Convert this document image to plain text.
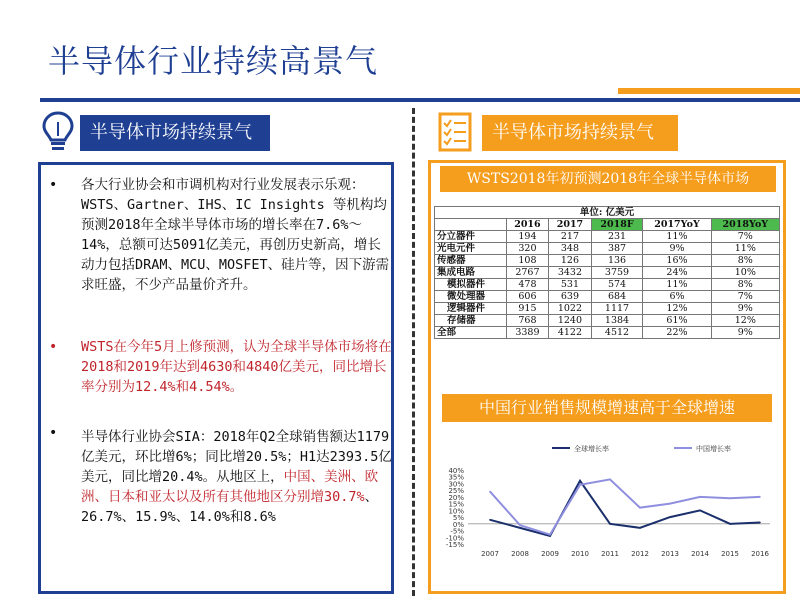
半导体行业持续高景气
半导体市场持续景气
• 各大行业协会和市调机构对行业发展表示乐观：WSTS、Gartner、IHS、IC Insights 等机构均预测2018年全球半导体市场的增长率在7.6%～14%，总额可达5091亿美元，再创历史新高，增长动力包括DRAM、MCU、MOSFET、硅片等，因下游需求旺盛，不少产品量价齐升。
• WSTS在今年5月上修预测，认为全球半导体市场将在2018和2019年达到4630和4840亿美元，同比增长率分别为12.4%和4.54%。
• 半导体行业协会SIA：2018年Q2全球销售额达1179亿美元，环比增6%；同比增20.5%；H1达2393.5亿美元，同比增20.4%。从地区上，中国、美洲、欧洲、日本和亚太以及所有其他地区分别增30.7%、26.7%、15.9%、14.0%和8.6%
半导体市场持续景气
WSTS2018年初预测2018年全球半导体市场
单位: 亿美元					
	2016	2017	2018F	2017YoY	2018YoY
分立器件	194	217	231	11%	7%
光电元件	320	348	387	9%	11%
传感器	108	126	136	16%	8%
集成电路	2767	3432	3759	24%	10%
模拟器件	478	531	574	11%	8%
微处理器	606	639	684	6%	7%
逻辑器件	915	1022	1117	12%	9%
存储器	768	1240	1384	61%	12%
全部	3389	4122	4512	22%	9%
中国行业销售规模增速高于全球增速
40%
35%
30%
25%
20%
15%
10%
5%
0%
-5%
-10%
-15%
2007 2008 2009 2010 2011 2012 2013 2014 2015 2016
全球增长率	中国增长率
